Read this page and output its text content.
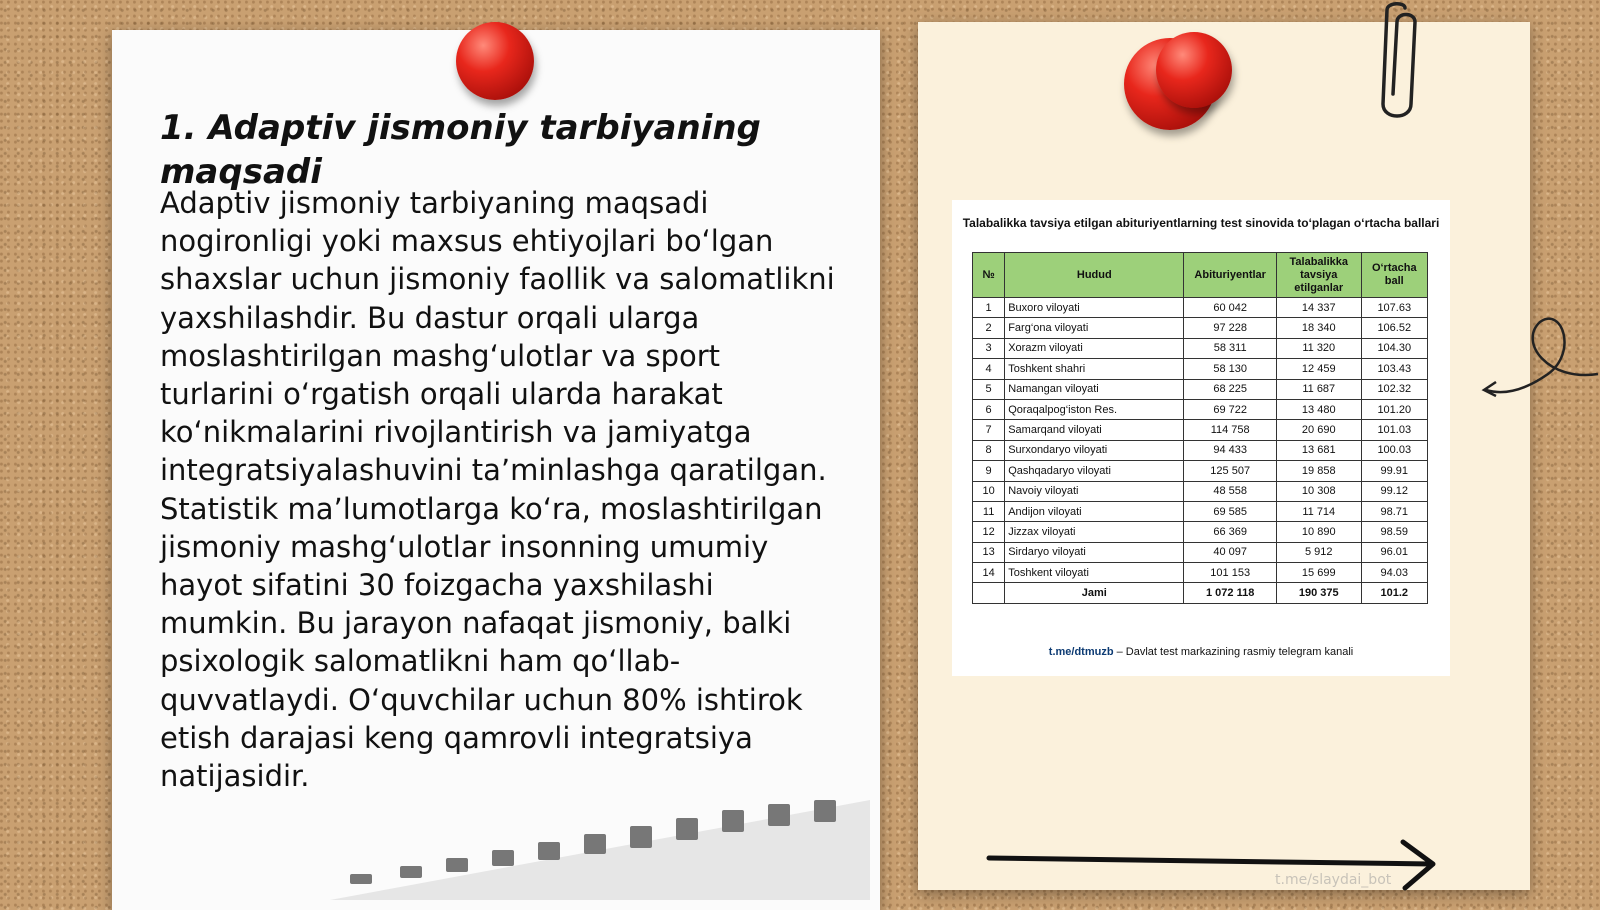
1. Adaptiv jismoniy tarbiyaning maqsadi

Adaptiv jismoniy tarbiyaning maqsadi nogironligi yoki maxsus ehtiyojlari bo‘lgan shaxslar uchun jismoniy faollik va salomatlikni yaxshilashdir. Bu dastur orqali ularga moslashtirilgan mashg‘ulotlar va sport turlarini o‘rgatish orqali ularda harakat ko‘nikmalarini rivojlantirish va jamiyatga integratsiyalashuvini ta’minlashga qaratilgan. Statistik ma’lumotlarga ko‘ra, moslashtirilgan jismoniy mashg‘ulotlar insonning umumiy hayot sifatini 30 foizgacha yaxshilashi mumkin. Bu jarayon nafaqat jismoniy, balki psixologik salomatlikni ham qo‘llab-quvvatlaydi. O‘quvchilar uchun 80% ishtirok etish darajasi keng qamrovli integratsiya natijasidir.

Talabalikka tavsiya etilgan abituriyentlarning test sinovida to‘plagan o‘rtacha ballari
№	Hudud	Abituriyentlar	Talabalikka tavsiya etilganlar	O‘rtacha ball
1	Buxoro viloyati	60 042	14 337	107.63
2	Farg‘ona viloyati	97 228	18 340	106.52
3	Xorazm viloyati	58 311	11 320	104.30
4	Toshkent shahri	58 130	12 459	103.43
5	Namangan viloyati	68 225	11 687	102.32
6	Qoraqalpog‘iston Res.	69 722	13 480	101.20
7	Samarqand viloyati	114 758	20 690	101.03
8	Surxondaryo viloyati	94 433	13 681	100.03
9	Qashqadaryo viloyati	125 507	19 858	99.91
10	Navoiy viloyati	48 558	10 308	99.12
11	Andijon viloyati	69 585	11 714	98.71
12	Jizzax viloyati	66 369	10 890	98.59
13	Sirdaryo viloyati	40 097	5 912	96.01
14	Toshkent viloyati	101 153	15 699	94.03
	Jami	1 072 118	190 375	101.2
t.me/dtmuzb – Davlat test markazining rasmiy telegram kanali
t.me/slaydai_bot
